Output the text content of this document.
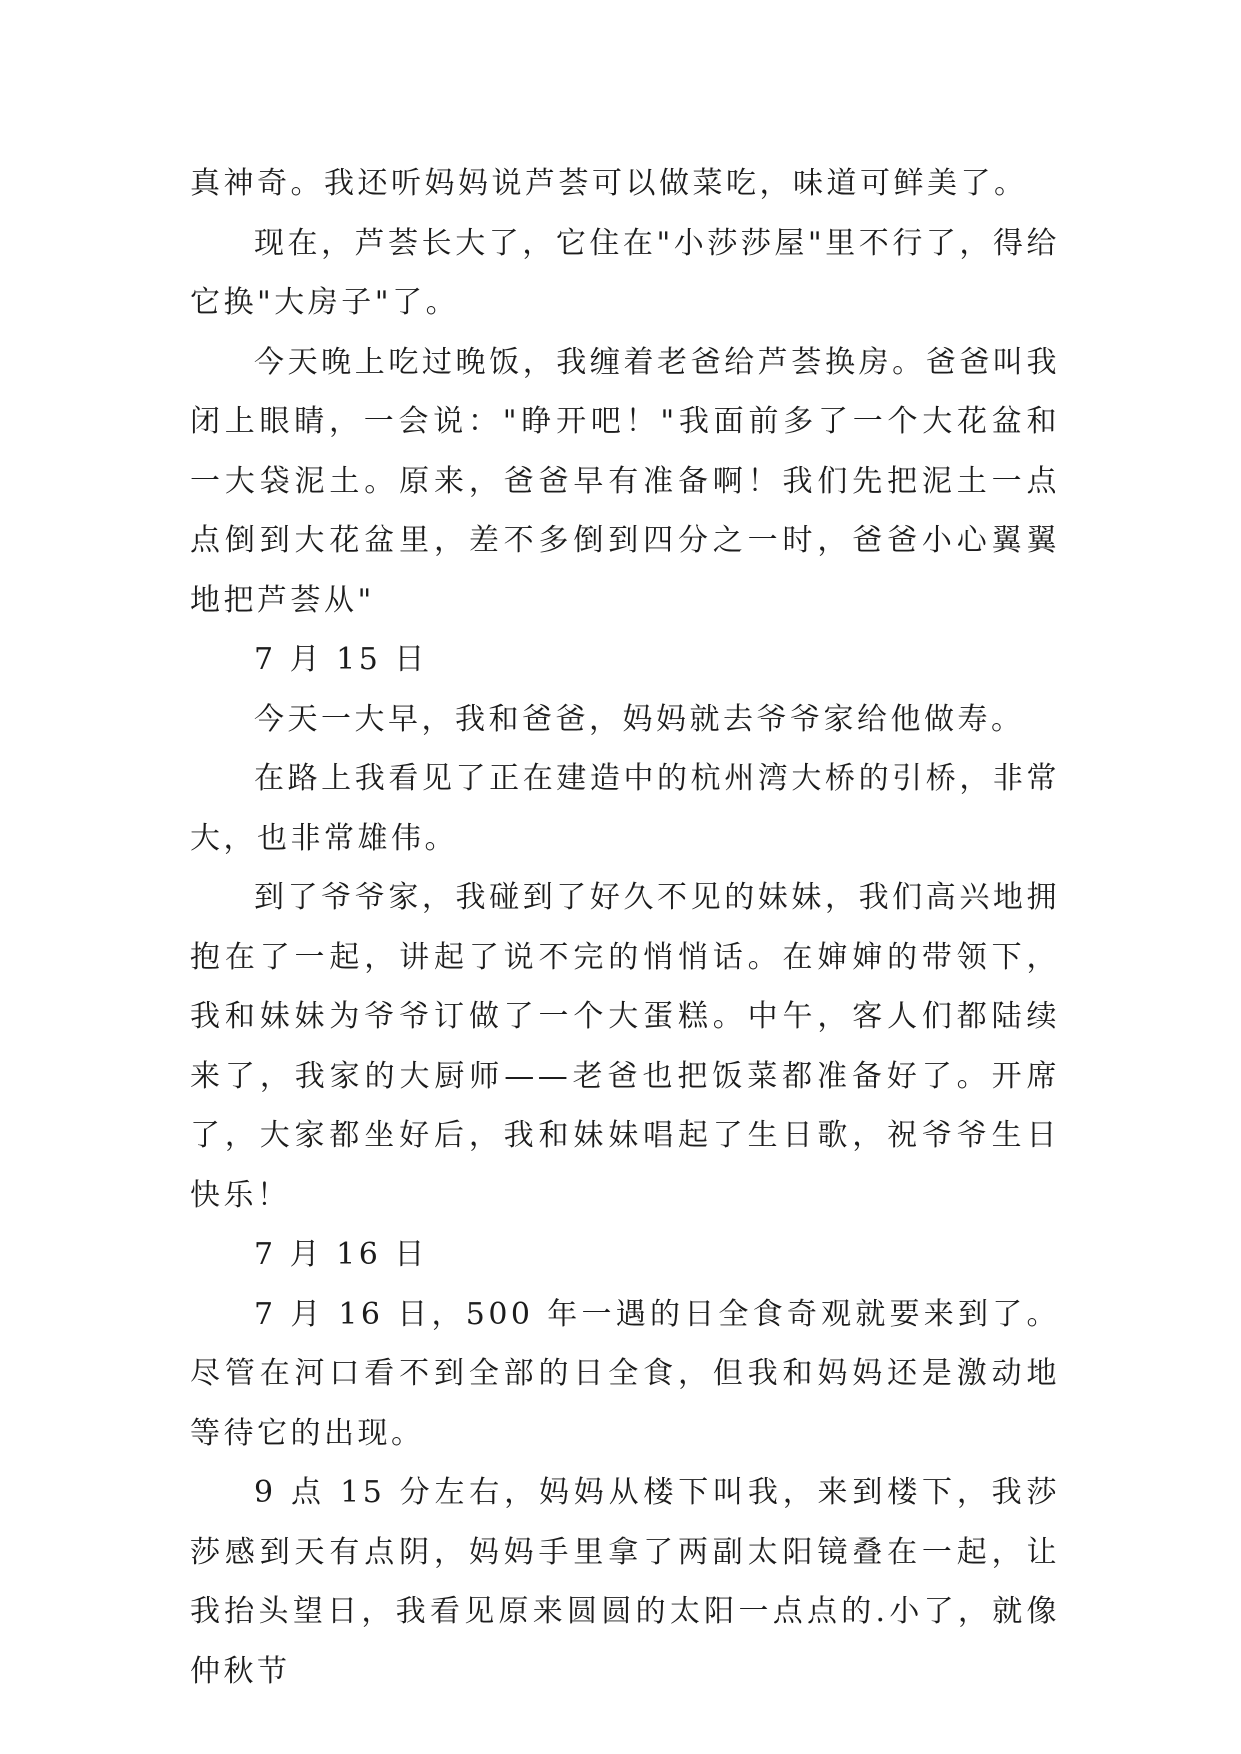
真神奇。我还听妈妈说芦荟可以做菜吃，味道可鲜美了。

现在，芦荟长大了，它住在"小莎莎屋"里不行了，得给它换"大房子"了。

今天晚上吃过晚饭，我缠着老爸给芦荟换房。爸爸叫我闭上眼睛，一会说："睁开吧！"我面前多了一个大花盆和一大袋泥土。原来，爸爸早有准备啊！我们先把泥土一点点倒到大花盆里，差不多倒到四分之一时，爸爸小心翼翼地把芦荟从"

7 月 15 日

今天一大早，我和爸爸，妈妈就去爷爷家给他做寿。

在路上我看见了正在建造中的杭州湾大桥的引桥，非常大，也非常雄伟。

到了爷爷家，我碰到了好久不见的妹妹，我们高兴地拥抱在了一起，讲起了说不完的悄悄话。在婶婶的带领下，我和妹妹为爷爷订做了一个大蛋糕。中午，客人们都陆续来了，我家的大厨师——老爸也把饭菜都准备好了。开席了，大家都坐好后，我和妹妹唱起了生日歌，祝爷爷生日快乐！

7 月 16 日

7 月 16 日，500 年一遇的日全食奇观就要来到了。尽管在河口看不到全部的日全食，但我和妈妈还是激动地等待它的出现。

9 点 15 分左右，妈妈从楼下叫我，来到楼下，我莎莎感到天有点阴，妈妈手里拿了两副太阳镜叠在一起，让我抬头望日，我看见原来圆圆的太阳一点点的.小了，就像仲秋节
